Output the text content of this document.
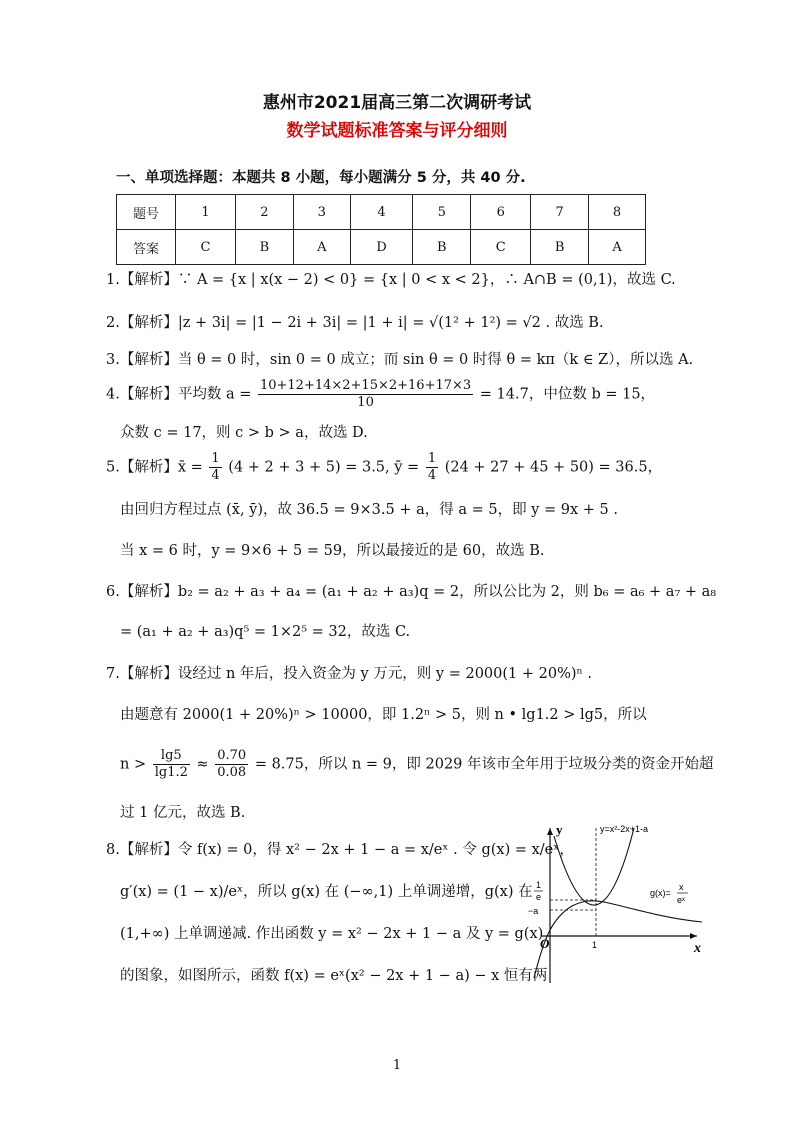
惠州市2021届高三第二次调研考试
数学试题标准答案与评分细则
一、单项选择题：本题共 8 小题，每小题满分 5 分，共 40 分.
题号	1	2	3	4	5	6	7	8
答案	C	B	A	D	B	C	B	A
1.【解析】∵ A = {x | x(x − 2) < 0} = {x | 0 < x < 2}，∴ A∩B = (0,1)，故选 C.
2.【解析】|z + 3i| = |1 − 2i + 3i| = |1 + i| = √(1² + 1²) = √2 . 故选 B.
3.【解析】当 θ = 0 时，sin 0 = 0 成立；而 sin θ = 0 时得 θ = kπ（k ∈ Z），所以选 A.
4.【解析】平均数 $a = \frac{10+12+14\times 2+15\times 2+16+17\times 3}{10} = 14.7$，中位数 b = 15，
众数 c = 17，则 c > b > a，故选 D.
5.【解析】x̄ = $\frac{1}{4} (4 + 2 + 3 + 5) = 3.5$, ȳ = $\frac{1}{4} (24 + 27 + 45 + 50) = 36.5$，
由回归方程过点 (x̄, ȳ)，故 36.5 = 9×3.5 + a，得 a = 5，即 y = 9x + 5 .
当 x = 6 时，y = 9×6 + 5 = 59，所以最接近的是 60，故选 B.
6.【解析】b₂ = a₂ + a₃ + a₄ = (a₁ + a₂ + a₃)q = 2，所以公比为 2，则 b₆ = a₆ + a₇ + a₈
= (a₁ + a₂ + a₃)q⁵ = 1×2⁵ = 32，故选 C.
7.【解析】设经过 n 年后，投入资金为 y 万元，则 y = 2000(1 + 20%)ⁿ .
由题意有 2000(1 + 20%)ⁿ > 10000，即 1.2ⁿ > 5，则 n • lg1.2 > lg5，所以
$n > \frac{\lg 5}{\lg 1.2} \approx \frac{0.70}{0.08} = 8.75$，所以 n = 9，即 2029 年该市全年用于垃圾分类的资金开始超
过 1 亿元，故选 B.
8.【解析】令 f(x) = 0，得 x² − 2x + 1 − a = x/eˣ . 令 g(x) = x/eˣ，
g′(x) = (1 − x)/eˣ，所以 g(x) 在 (−∞,1) 上单调递增，g(x) 在
(1,+∞) 上单调递减. 作出函数 y = x² − 2x + 1 − a 及 y = g(x)
的图象，如图所示，函数 f(x) = eˣ(x² − 2x + 1 − a) − x 恒有两
y
x
O
y=x²-2x+1-a
g(x)=
x
eˣ
1
e
−a
1
1
